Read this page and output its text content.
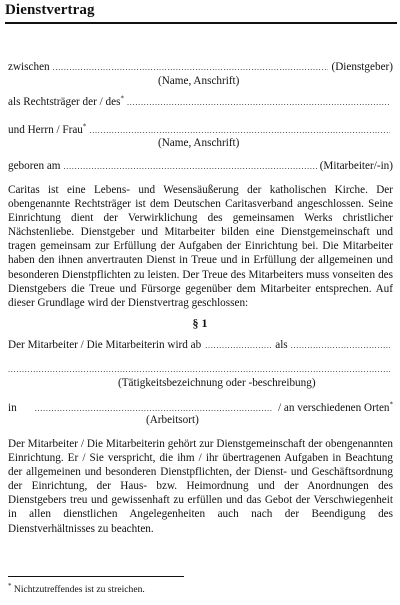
Dienstvertrag
zwischen .....	(Dienstgeber)
(Name, Anschrift)
als Rechtsträger der / des*
.....
und Herrn / Frau*
.....
(Name, Anschrift)
geboren am .....	(Mitarbeiter/-in)
Caritas ist eine Lebens- und Wesensäußerung der katholischen Kirche. Der obengenannte Rechtsträger ist dem Deutschen Caritasverband angeschlossen. Seine Einrichtung dient der Verwirklichung des gemeinsamen Werks christlicher Nächstenliebe. Dienstgeber und Mitarbeiter bilden eine Dienstgemeinschaft und tragen gemeinsam zur Erfüllung der Aufgaben der Einrichtung bei. Die Mitarbeiter haben den ihnen anvertrauten Dienst in Treue und in Erfüllung der allgemeinen und besonderen Dienstpflichten zu leisten. Der Treue des Mitarbeiters muss vonseiten des Dienstgebers die Treue und Fürsorge gegenüber dem Mitarbeiter entsprechen. Auf dieser Grundlage wird der Dienstvertrag geschlossen:
§ 1
Der Mitarbeiter / Die Mitarbeiterin wird ab .....	als
.....
.....
(Tätigkeitsbezeichnung oder -beschreibung)
in .....	/ an verschiedenen Orten*
(Arbeitsort)
Der Mitarbeiter / Die Mitarbeiterin gehört zur Dienstgemeinschaft der obengenannten Einrichtung. Er / Sie verspricht, die ihm / ihr übertragenen Aufgaben in Beachtung der allgemeinen und besonderen Dienstpflichten, der Dienst- und Geschäftsordnung der Einrichtung, der Haus- bzw. Heimordnung und der Anordnungen des Dienstgebers treu und gewissenhaft zu erfüllen und das Gebot der Verschwiegenheit in allen dienstlichen Angelegenheiten auch nach der Beendigung des Dienstverhältnisses zu beachten.
* Nichtzutreffendes ist zu streichen.
